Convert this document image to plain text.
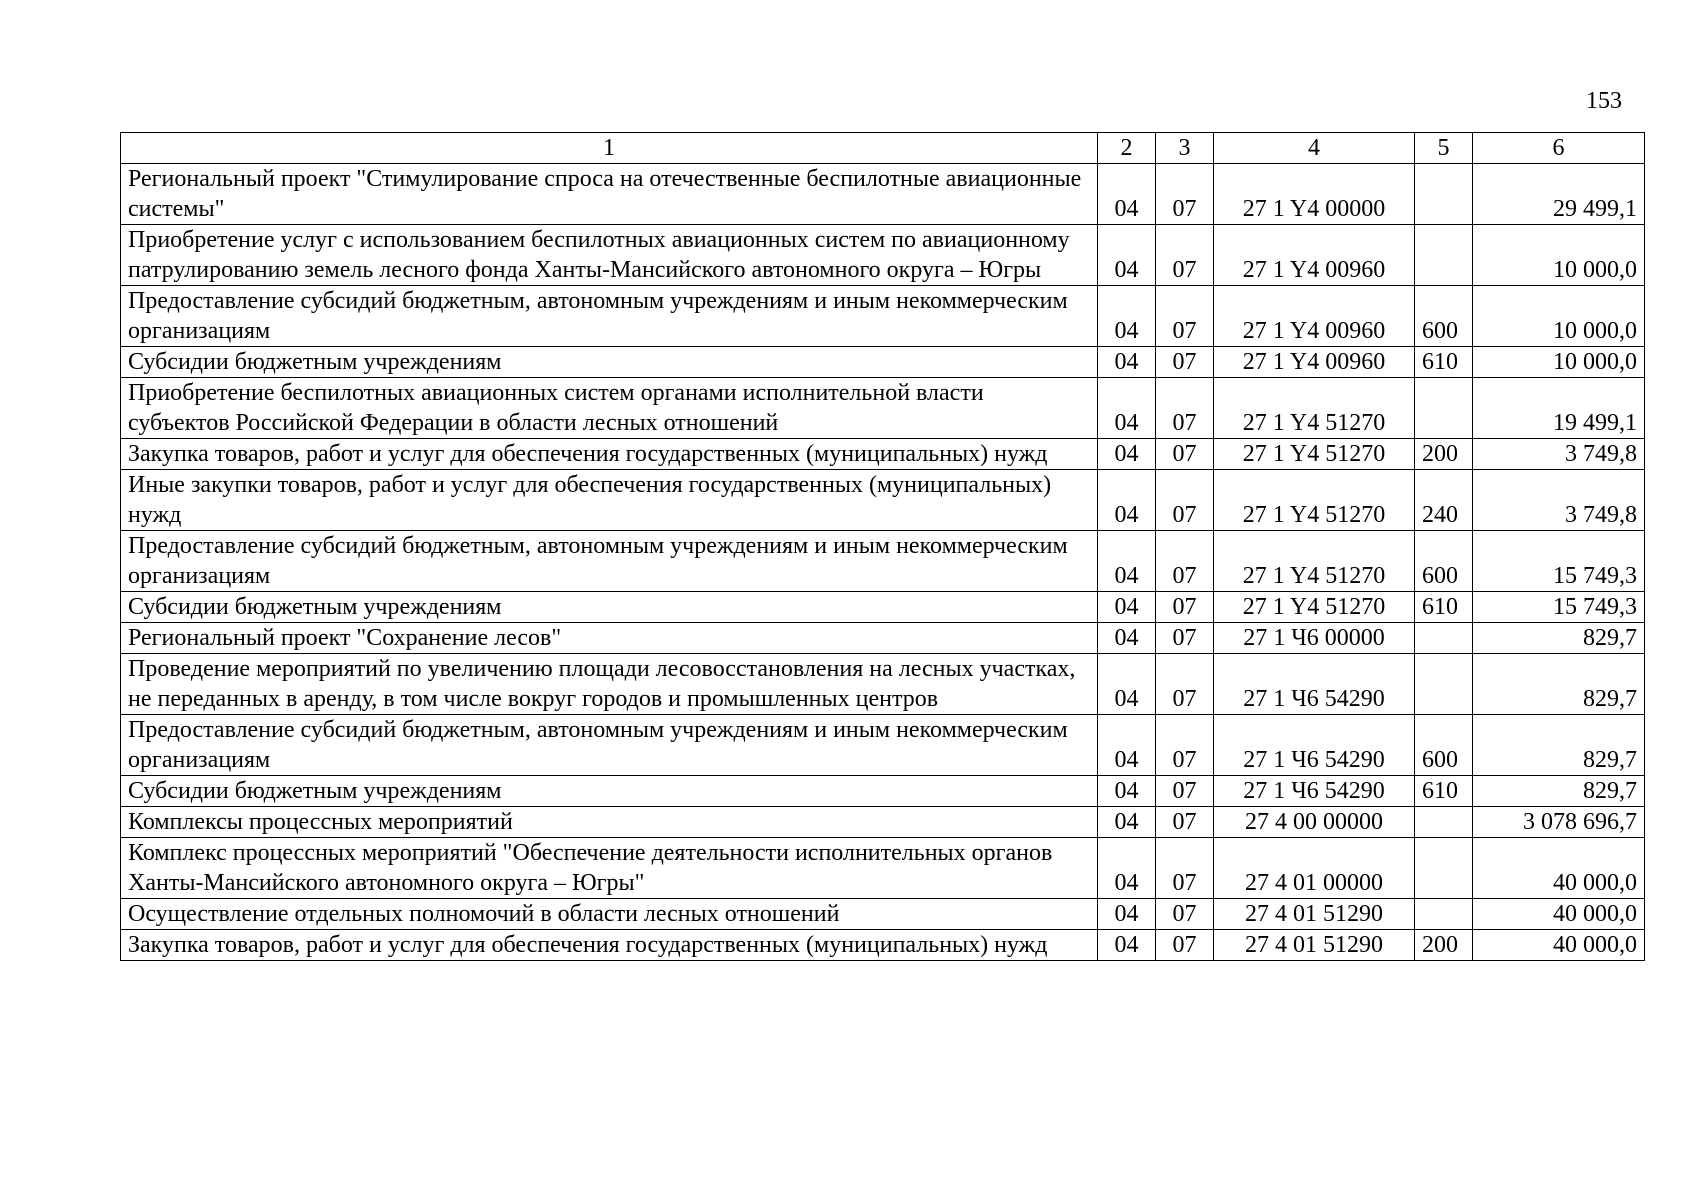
153
1	2	3	4	5	6
Региональный проект "Стимулирование спроса на отечественные беспилотные авиационные системы"	04	07	27 1 Y4 00000		29 499,1
Приобретение услуг с использованием беспилотных авиационных систем по авиационному патрулированию земель лесного фонда Ханты-Мансийского автономного округа – Югры	04	07	27 1 Y4 00960		10 000,0
Предоставление субсидий бюджетным, автономным учреждениям и иным некоммерческим организациям	04	07	27 1 Y4 00960	600	10 000,0
Субсидии бюджетным учреждениям	04	07	27 1 Y4 00960	610	10 000,0
Приобретение беспилотных авиационных систем органами исполнительной власти субъектов Российской Федерации в области лесных отношений	04	07	27 1 Y4 51270		19 499,1
Закупка товаров, работ и услуг для обеспечения государственных (муниципальных) нужд	04	07	27 1 Y4 51270	200	3 749,8
Иные закупки товаров, работ и услуг для обеспечения государственных (муниципальных) нужд	04	07	27 1 Y4 51270	240	3 749,8
Предоставление субсидий бюджетным, автономным учреждениям и иным некоммерческим организациям	04	07	27 1 Y4 51270	600	15 749,3
Субсидии бюджетным учреждениям	04	07	27 1 Y4 51270	610	15 749,3
Региональный проект "Сохранение лесов"	04	07	27 1 Ч6 00000		829,7
Проведение мероприятий по увеличению площади лесовосстановления на лесных участках, не переданных в аренду, в том числе вокруг городов и промышленных центров	04	07	27 1 Ч6 54290		829,7
Предоставление субсидий бюджетным, автономным учреждениям и иным некоммерческим организациям	04	07	27 1 Ч6 54290	600	829,7
Субсидии бюджетным учреждениям	04	07	27 1 Ч6 54290	610	829,7
Комплексы процессных мероприятий	04	07	27 4 00 00000		3 078 696,7
Комплекс процессных мероприятий "Обеспечение деятельности исполнительных органов Ханты-Мансийского автономного округа – Югры"	04	07	27 4 01 00000		40 000,0
Осуществление отдельных полномочий в области лесных отношений	04	07	27 4 01 51290		40 000,0
Закупка товаров, работ и услуг для обеспечения государственных (муниципальных) нужд	04	07	27 4 01 51290	200	40 000,0
